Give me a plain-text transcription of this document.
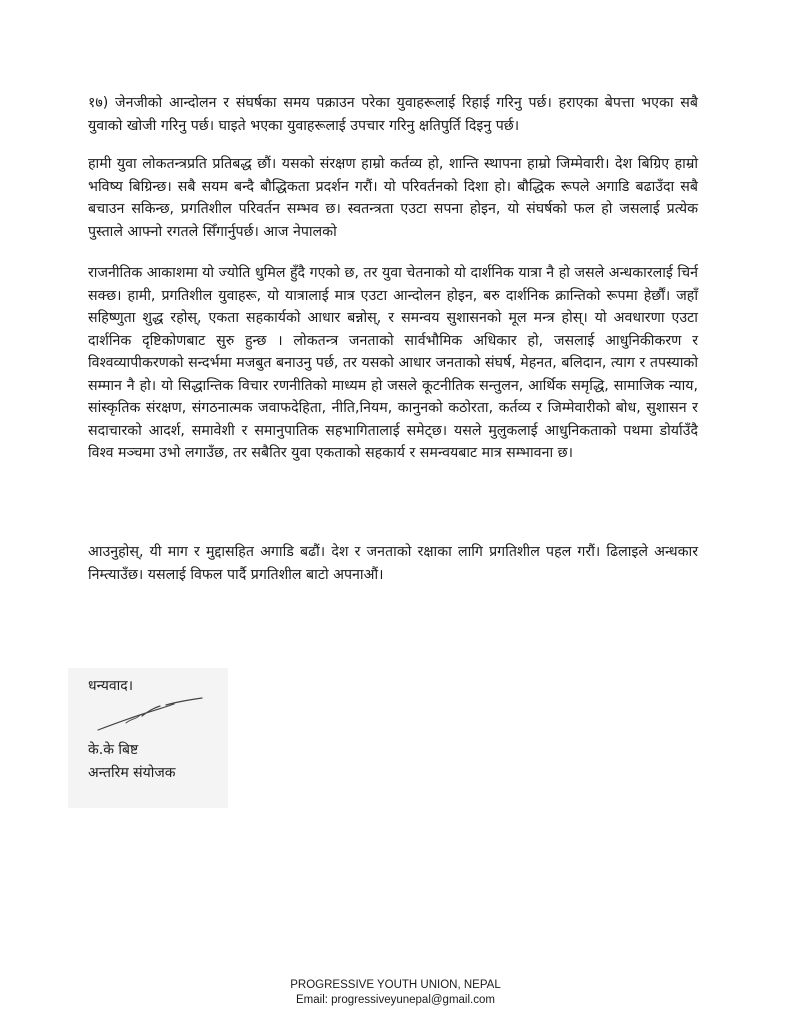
१७) जेनजीको आन्दोलन र संघर्षका समय पक्राउन परेका युवाहरूलाई रिहाई गरिनु पर्छ। हराएका बेपत्ता भएका सबै युवाको खोजी गरिनु पर्छ। घाइते भएका युवाहरूलाई उपचार गरिनु क्षतिपुर्ति दिइनु पर्छ।

हामी युवा लोकतन्त्रप्रति प्रतिबद्ध छौं। यसको संरक्षण हाम्रो कर्तव्य हो, शान्ति स्थापना हाम्रो जिम्मेवारी। देश बिग्रिए हाम्रो भविष्य बिग्रिन्छ। सबै सयम बन्दै बौद्धिकता प्रदर्शन गरौं। यो परिवर्तनको दिशा हो। बौद्धिक रूपले अगाडि बढाउँदा सबै बचाउन सकिन्छ, प्रगतिशील परिवर्तन सम्भव छ। स्वतन्त्रता एउटा सपना होइन, यो संघर्षको फल हो जसलाई प्रत्येक पुस्ताले आफ्नो रगतले सिँगार्नुपर्छ। आज नेपालको

राजनीतिक आकाशमा यो ज्योति धुमिल हुँदै गएको छ, तर युवा चेतनाको यो दार्शनिक यात्रा नै हो जसले अन्धकारलाई चिर्न सक्छ। हामी, प्रगतिशील युवाहरू, यो यात्रालाई मात्र एउटा आन्दोलन होइन, बरु दार्शनिक क्रान्तिको रूपमा हेर्छौं। जहाँ सहिष्णुता शुद्ध रहोस्, एकता सहकार्यको आधार बन्नोस्, र समन्वय सुशासनको मूल मन्त्र होस्। यो अवधारणा एउटा दार्शनिक दृष्टिकोणबाट सुरु हुन्छ । लोकतन्त्र जनताको सार्वभौमिक अधिकार हो, जसलाई आधुनिकीकरण र विश्वव्यापीकरणको सन्दर्भमा मजबुत बनाउनु पर्छ, तर यसको आधार जनताको संघर्ष, मेहनत, बलिदान, त्याग र तपस्याको सम्मान नै हो। यो सिद्धान्तिक विचार रणनीतिको माध्यम हो जसले कूटनीतिक सन्तुलन, आर्थिक समृद्धि, सामाजिक न्याय, सांस्कृतिक संरक्षण, संगठनात्मक जवाफदेहिता, नीति,नियम, कानुनको कठोरता, कर्तव्य र जिम्मेवारीको बोध, सुशासन र सदाचारको आदर्श, समावेशी र समानुपातिक सहभागितालाई समेट्छ। यसले मुलुकलाई आधुनिकताको पथमा डोर्याउँदै विश्व मञ्चमा उभो लगाउँछ, तर सबैतिर युवा एकताको सहकार्य र समन्वयबाट मात्र सम्भावना छ।

आउनुहोस्, यी माग र मुद्दासहित अगाडि बढौं। देश र जनताको रक्षाका लागि प्रगतिशील पहल गरौं। ढिलाइले अन्धकार निम्त्याउँछ। यसलाई विफल पार्दै प्रगतिशील बाटो अपनाऔं।

धन्यवाद।
के.के बिष्ट
अन्तरिम संयोजक
PROGRESSIVE YOUTH UNION, NEPAL
Email: progressiveyunepal@gmail.com
